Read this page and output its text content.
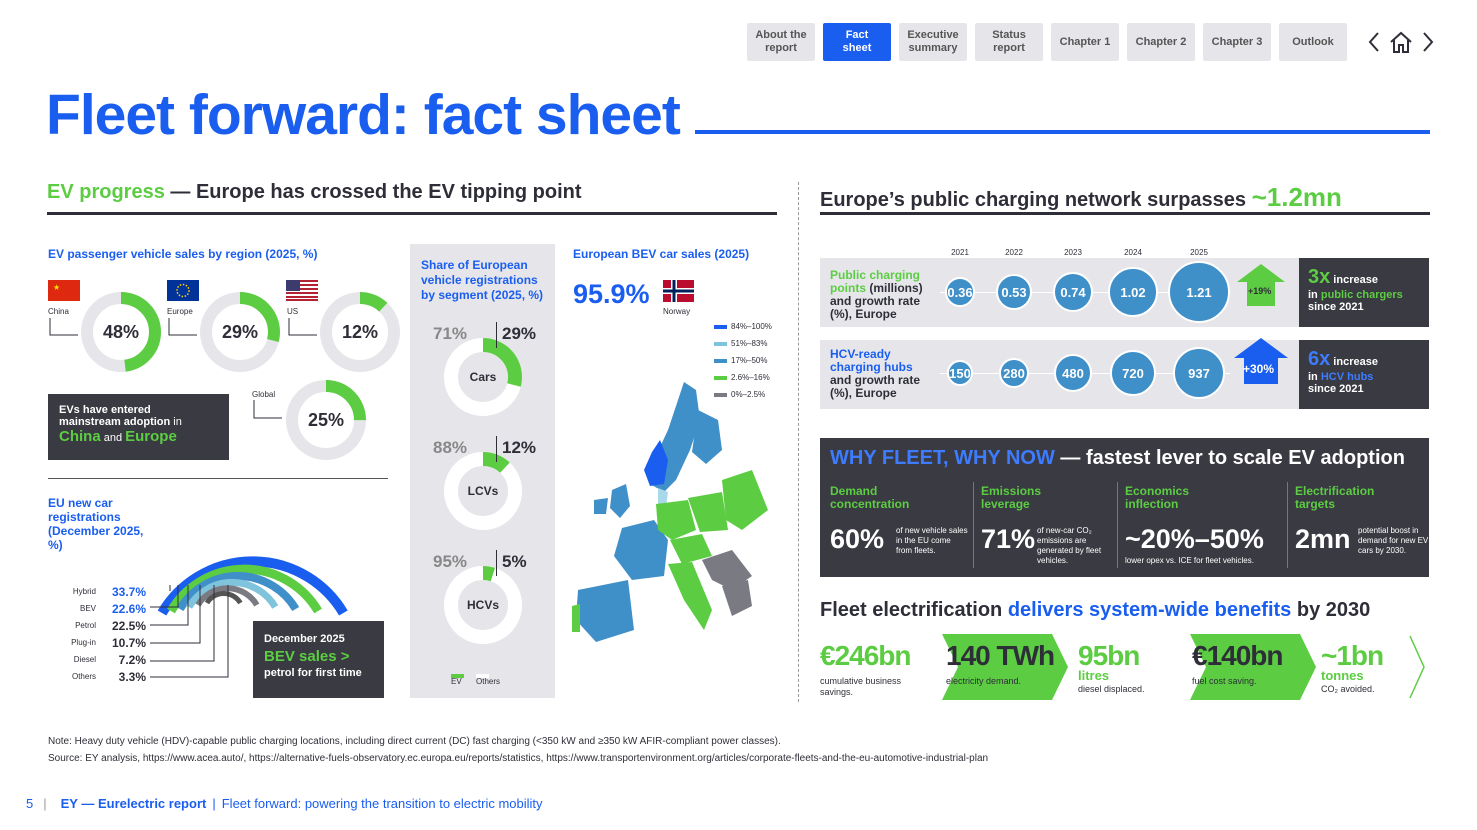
About the
report
Fact
sheet
Executive
summary
Status
report
Chapter 1	Chapter 2	Chapter 3	Outlook
Fleet forward: fact sheet
EV progress — Europe has crossed the EV tipping point
EV passenger vehicle sales by region (2025, %)
★
China	Europe	US
Global
48%	29%	12%
25%
EVs have entered
mainstream adoption in
China and Europe
EU new car registrations (December 2025, %)
Hybrid	33.7%
BEV	22.6%
Petrol	22.5%
Plug-in	10.7%
Diesel	7.2%
Others	3.3%
December 2025
BEV sales >
petrol for first time
Share of European vehicle registrations by segment (2025, %)
Cars
71% 29%
LCVs
88% 12%
HCVs
95% 5%
EV Others
European BEV car sales (2025)
95.9%
Norway
84%–100%
51%–83%
17%–50%
2.6%–16%
0%–2.5%
Europe’s public charging network surpasses ~1.2mn
2021	2022	2023	2024	2025
Public charging points (millions) and growth rate (%), Europe
HCV-ready charging hubs and growth rate (%), Europe
0.36	0.53	0.74	1.02	1.21
150	280	480	720	937
+19%
+30%
3x increase
in public chargers
since 2021
6x increase
in HCV hubs
since 2021
WHY FLEET, WHY NOW — fastest lever to scale EV adoption
Demand concentration
60% of new vehicle sales in the EU come from fleets.
Emissions leverage
71% of new-car CO₂ emissions are generated by fleet vehicles.
Economics inflection
~20%–50%
lower opex vs. ICE for fleet vehicles.
Electrification targets
2mn potential boost in demand for new EV cars by 2030.
Fleet electrification delivers system-wide benefits by 2030
€246bn
cumulative business savings.
140 TWh
electricity demand.
95bn
litres
diesel displaced.
€140bn
fuel cost saving.
~1bn
tonnes
CO₂ avoided.
Note: Heavy duty vehicle (HDV)-capable public charging locations, including direct current (DC) fast charging (<350 kW and ≥350 kW AFIR-compliant power classes).
Source: EY analysis, https://www.acea.auto/, https://alternative-fuels-observatory.ec.europa.eu/reports/statistics, https://www.transportenvironment.org/articles/corporate-fleets-and-the-eu-automotive-industrial-plan
5 | EY — Eurelectric report | Fleet forward: powering the transition to electric mobility
